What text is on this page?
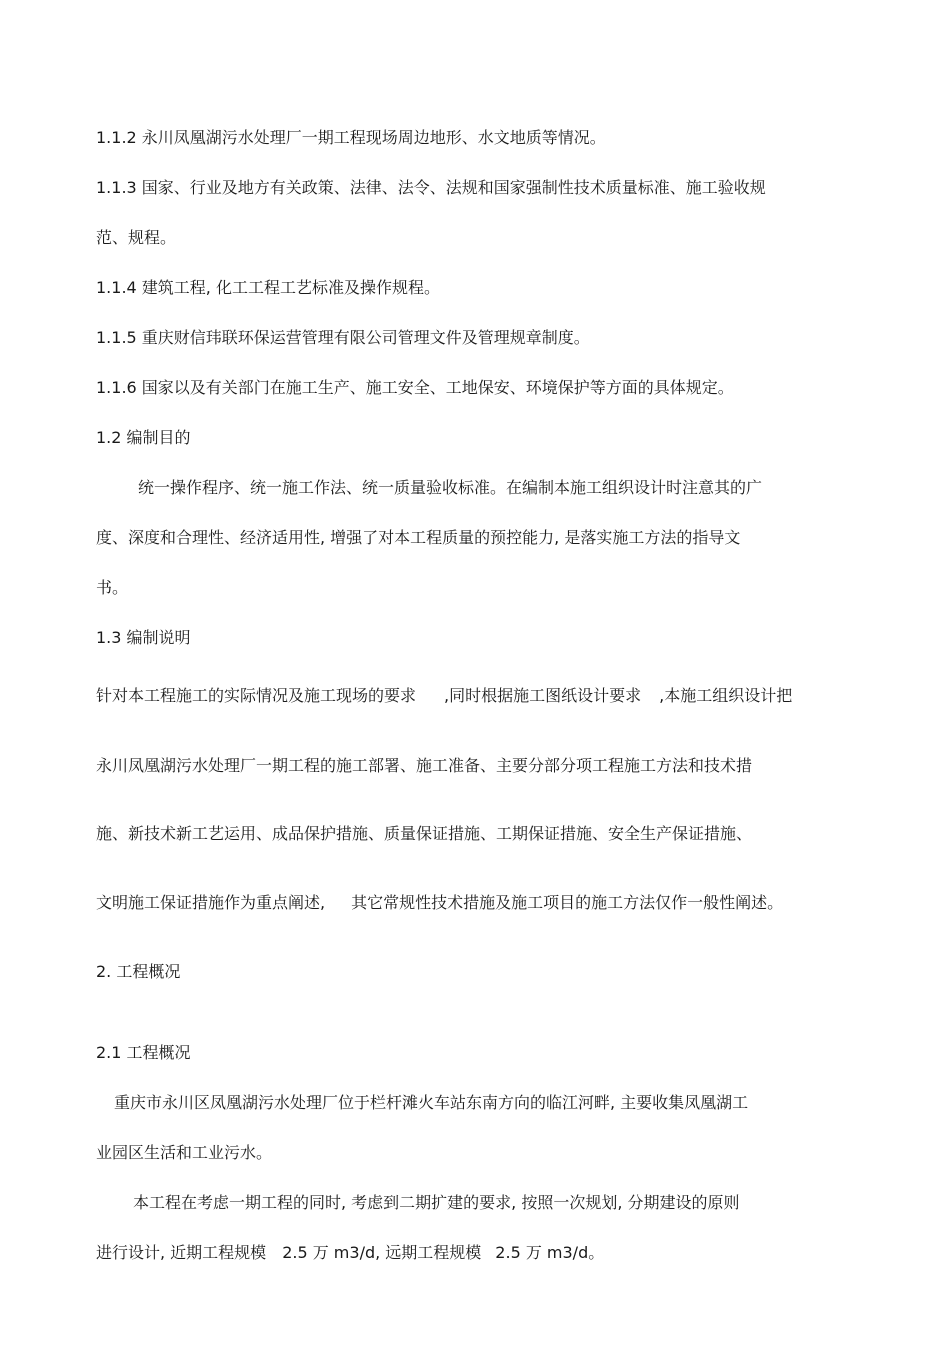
1.1.2 永川凤凰湖污水处理厂一期工程现场周边地形、水文地质等情况。

1.1.3 国家、行业及地方有关政策、法律、法令、法规和国家强制性技术质量标准、施工验收规

范、规程。

1.1.4 建筑工程, 化工工程工艺标准及操作规程。

1.1.5 重庆财信玮联环保运营管理有限公司管理文件及管理规章制度。

1.1.6 国家以及有关部门在施工生产、施工安全、工地保安、环境保护等方面的具体规定。

1.2 编制目的

统一操作程序、统一施工作法、统一质量验收标准。在编制本施工组织设计时注意其的广

度、深度和合理性、经济适用性, 增强了对本工程质量的预控能力, 是落实施工方法的指导文

书。

1.3 编制说明

针对本工程施工的实际情况及施工现场的要求 ,同时根据施工图纸设计要求 ,本施工组织设计把

永川凤凰湖污水处理厂一期工程的施工部署、施工准备、主要分部分项工程施工方法和技术措

施、新技术新工艺运用、成品保护措施、质量保证措施、工期保证措施、安全生产保证措施、

文明施工保证措施作为重点阐述, 其它常规性技术措施及施工项目的施工方法仅作一般性阐述。

2. 工程概况

2.1 工程概况

重庆市永川区凤凰湖污水处理厂位于栏杆滩火车站东南方向的临江河畔, 主要收集凤凰湖工

业园区生活和工业污水。

本工程在考虑一期工程的同时, 考虑到二期扩建的要求, 按照一次规划, 分期建设的原则

进行设计, 近期工程规模 2.5 万 m3/d, 远期工程规模 2.5 万 m3/d。
